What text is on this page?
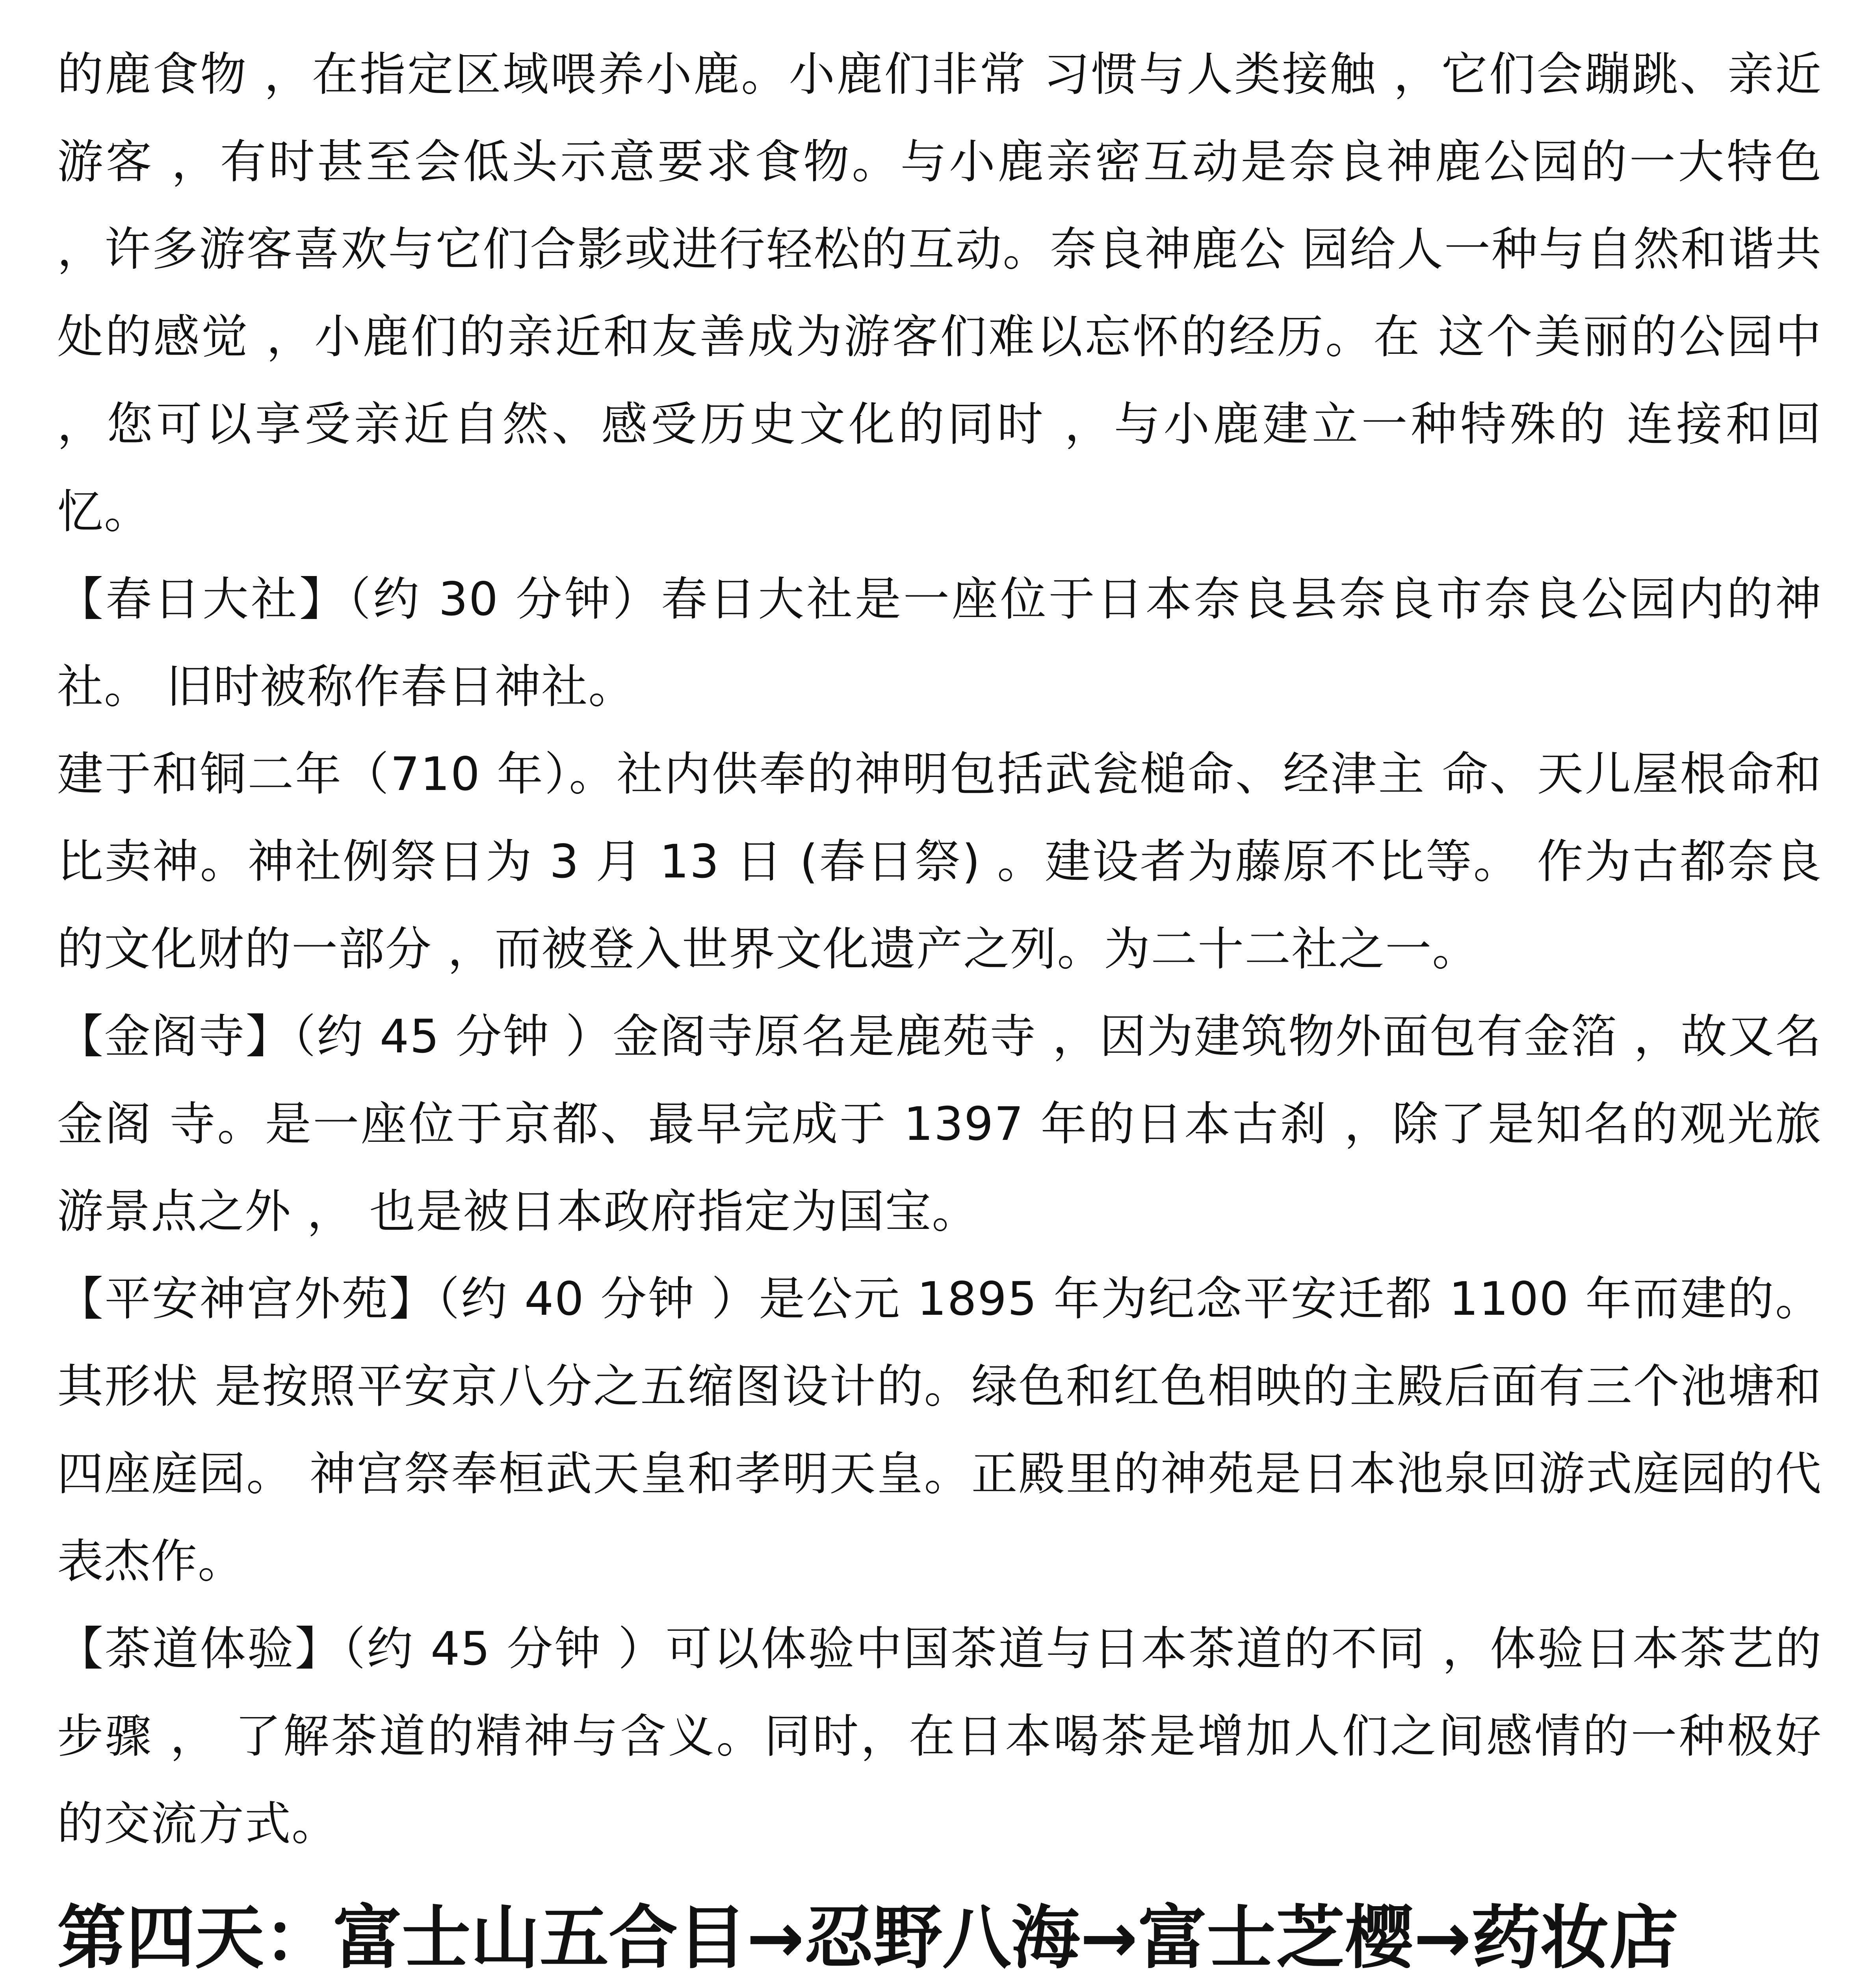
的鹿食物 ，在指定区域喂养小鹿。小鹿们非常 习惯与人类接触 ，它们会蹦跳、亲近游客 ，有时甚至会低头示意要求食物。与小鹿亲密互动是奈良神鹿公园的一大特色 ，许多游客喜欢与它们合影或进行轻松的互动。奈良神鹿公 园给人一种与自然和谐共处的感觉 ，小鹿们的亲近和友善成为游客们难以忘怀的经历。在 这个美丽的公园中 ，您可以享受亲近自然、感受历史文化的同时 ，与小鹿建立一种特殊的 连接和回忆。

【春日大社】（约 30 分钟）春日大社是一座位于日本奈良县奈良市奈良公园内的神社。 旧时被称作春日神社。

建于和铜二年（710 年）。社内供奉的神明包括武瓮槌命、经津主 命、天儿屋根命和比卖神。神社例祭日为 3 月 13 日 (春日祭) 。建设者为藤原不比等。 作为古都奈良的文化财的一部分 ，而被登入世界文化遗产之列。为二十二社之一。

【金阁寺】（约 45 分钟 ）金阁寺原名是鹿苑寺 ，因为建筑物外面包有金箔 ，故又名金阁 寺。是一座位于京都、最早完成于 1397 年的日本古刹 ，除了是知名的观光旅游景点之外 ， 也是被日本政府指定为国宝。

【平安神宫外苑】（约 40 分钟 ）是公元 1895 年为纪念平安迁都 1100 年而建的。其形状 是按照平安京八分之五缩图设计的。绿色和红色相映的主殿后面有三个池塘和四座庭园。 神宫祭奉桓武天皇和孝明天皇。正殿里的神苑是日本池泉回游式庭园的代表杰作。

【茶道体验】（约 45 分钟 ）可以体验中国茶道与日本茶道的不同 ，体验日本茶艺的步骤 ， 了解茶道的精神与含义。同时，在日本喝茶是增加人们之间感情的一种极好的交流方式。

第四天：富士山五合目→忍野八海→富士芝樱→药妆店
